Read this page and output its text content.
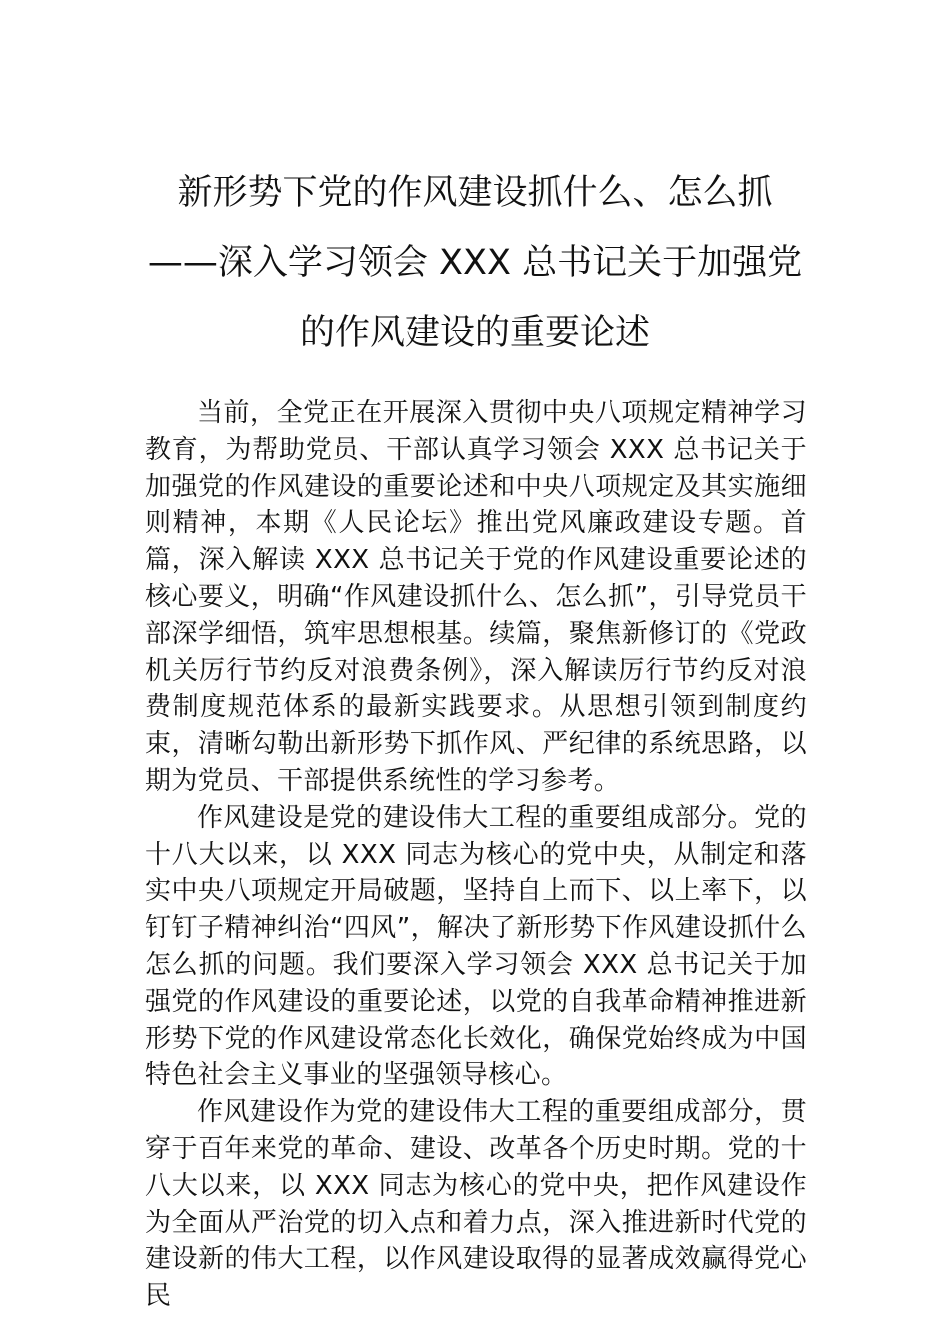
新形势下党的作风建设抓什么、怎么抓
——深入学习领会 XXX 总书记关于加强党
的作风建设的重要论述

当前，全党正在开展深入贯彻中央八项规定精神学习教育，为帮助党员、干部认真学习领会 XXX 总书记关于加强党的作风建设的重要论述和中央八项规定及其实施细则精神，本期《人民论坛》推出党风廉政建设专题。首篇，深入解读 XXX 总书记关于党的作风建设重要论述的核心要义，明确“作风建设抓什么、怎么抓”，引导党员干部深学细悟，筑牢思想根基。续篇，聚焦新修订的《党政机关厉行节约反对浪费条例》，深入解读厉行节约反对浪费制度规范体系的最新实践要求。从思想引领到制度约束，清晰勾勒出新形势下抓作风、严纪律的系统思路，以期为党员、干部提供系统性的学习参考。

作风建设是党的建设伟大工程的重要组成部分。党的十八大以来，以 XXX 同志为核心的党中央，从制定和落实中央八项规定开局破题，坚持自上而下、以上率下，以钉钉子精神纠治“四风”，解决了新形势下作风建设抓什么怎么抓的问题。我们要深入学习领会 XXX 总书记关于加强党的作风建设的重要论述，以党的自我革命精神推进新形势下党的作风建设常态化长效化，确保党始终成为中国特色社会主义事业的坚强领导核心。

作风建设作为党的建设伟大工程的重要组成部分，贯穿于百年来党的革命、建设、改革各个历史时期。党的十八大以来，以 XXX 同志为核心的党中央，把作风建设作为全面从严治党的切入点和着力点，深入推进新时代党的建设新的伟大工程，以作风建设取得的显著成效赢得党心民
